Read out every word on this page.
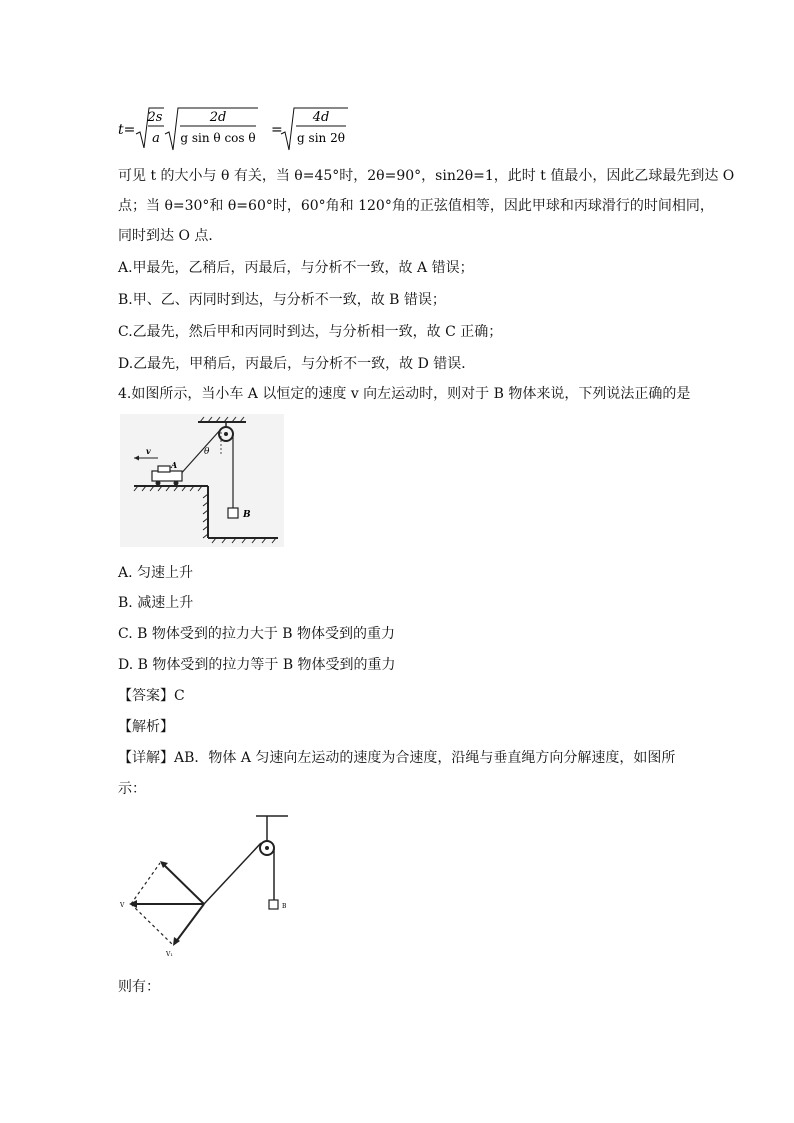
t=
2s
a
2d
g sin θ cos θ =
4d
g sin 2θ
可见 t 的大小与 θ 有关，当 θ=45°时，2θ=90°，sin2θ=1，此时 t 值最小，因此乙球最先到达 O
点；当 θ=30°和 θ=60°时，60°角和 120°角的正弦值相等，因此甲球和丙球滑行的时间相同，
同时到达 O 点．
A.甲最先，乙稍后，丙最后，与分析不一致，故 A 错误；
B.甲、乙、丙同时到达，与分析不一致，故 B 错误；
C.乙最先，然后甲和丙同时到达，与分析相一致，故 C 正确；
D.乙最先，甲稍后，丙最后，与分析不一致，故 D 错误．
4.如图所示，当小车 A 以恒定的速度 v 向左运动时，则对于 B 物体来说，下列说法正确的是
B
θ
A
v
A. 匀速上升
B. 减速上升
C. B 物体受到的拉力大于 B 物体受到的重力
D. B 物体受到的拉力等于 B 物体受到的重力
【答案】C
【解析】
【详解】AB．物体 A 匀速向左运动的速度为合速度，沿绳与垂直绳方向分解速度，如图所
示：
B
V
V₁
则有：
